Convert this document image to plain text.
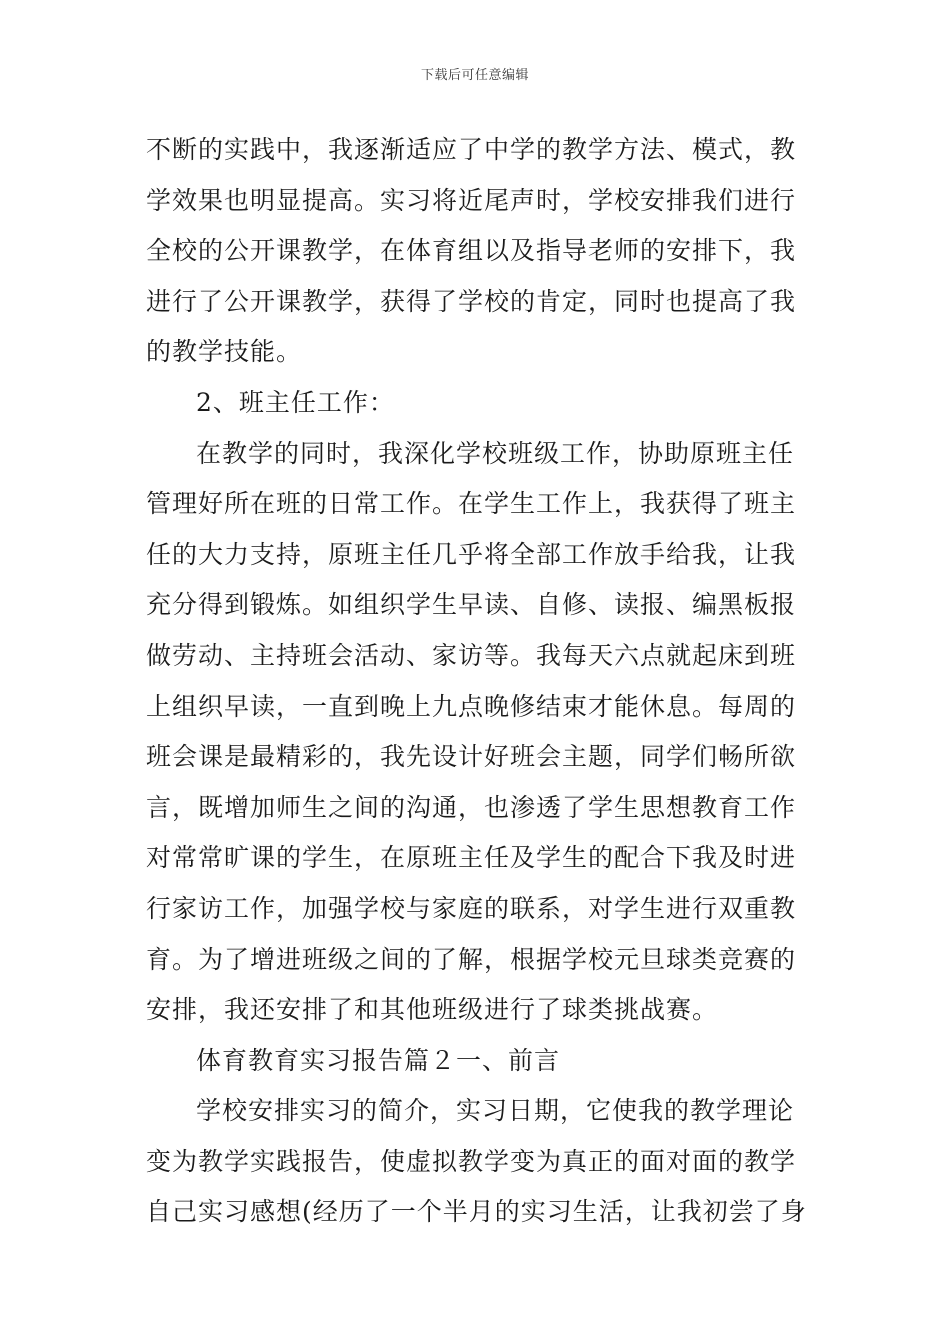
下载后可任意编辑
不断的实践中，我逐渐适应了中学的教学方法、模式，教
学效果也明显提高。实习将近尾声时，学校安排我们进行
全校的公开课教学，在体育组以及指导老师的安排下，我
进行了公开课教学，获得了学校的肯定，同时也提高了我
的教学技能。
2、班主任工作：
在教学的同时，我深化学校班级工作，协助原班主任
管理好所在班的日常工作。在学生工作上，我获得了班主
任的大力支持，原班主任几乎将全部工作放手给我，让我
充分得到锻炼。如组织学生早读、自修、读报、编黑板报
做劳动、主持班会活动、家访等。我每天六点就起床到班
上组织早读，一直到晚上九点晚修结束才能休息。每周的
班会课是最精彩的，我先设计好班会主题，同学们畅所欲
言，既增加师生之间的沟通，也渗透了学生思想教育工作
对常常旷课的学生，在原班主任及学生的配合下我及时进
行家访工作，加强学校与家庭的联系，对学生进行双重教
育。为了增进班级之间的了解，根据学校元旦球类竞赛的
安排，我还安排了和其他班级进行了球类挑战赛。
体育教育实习报告篇２一、前言
学校安排实习的简介，实习日期，它使我的教学理论
变为教学实践报告，使虚拟教学变为真正的面对面的教学
自己实习感想(经历了一个半月的实习生活，让我初尝了身
